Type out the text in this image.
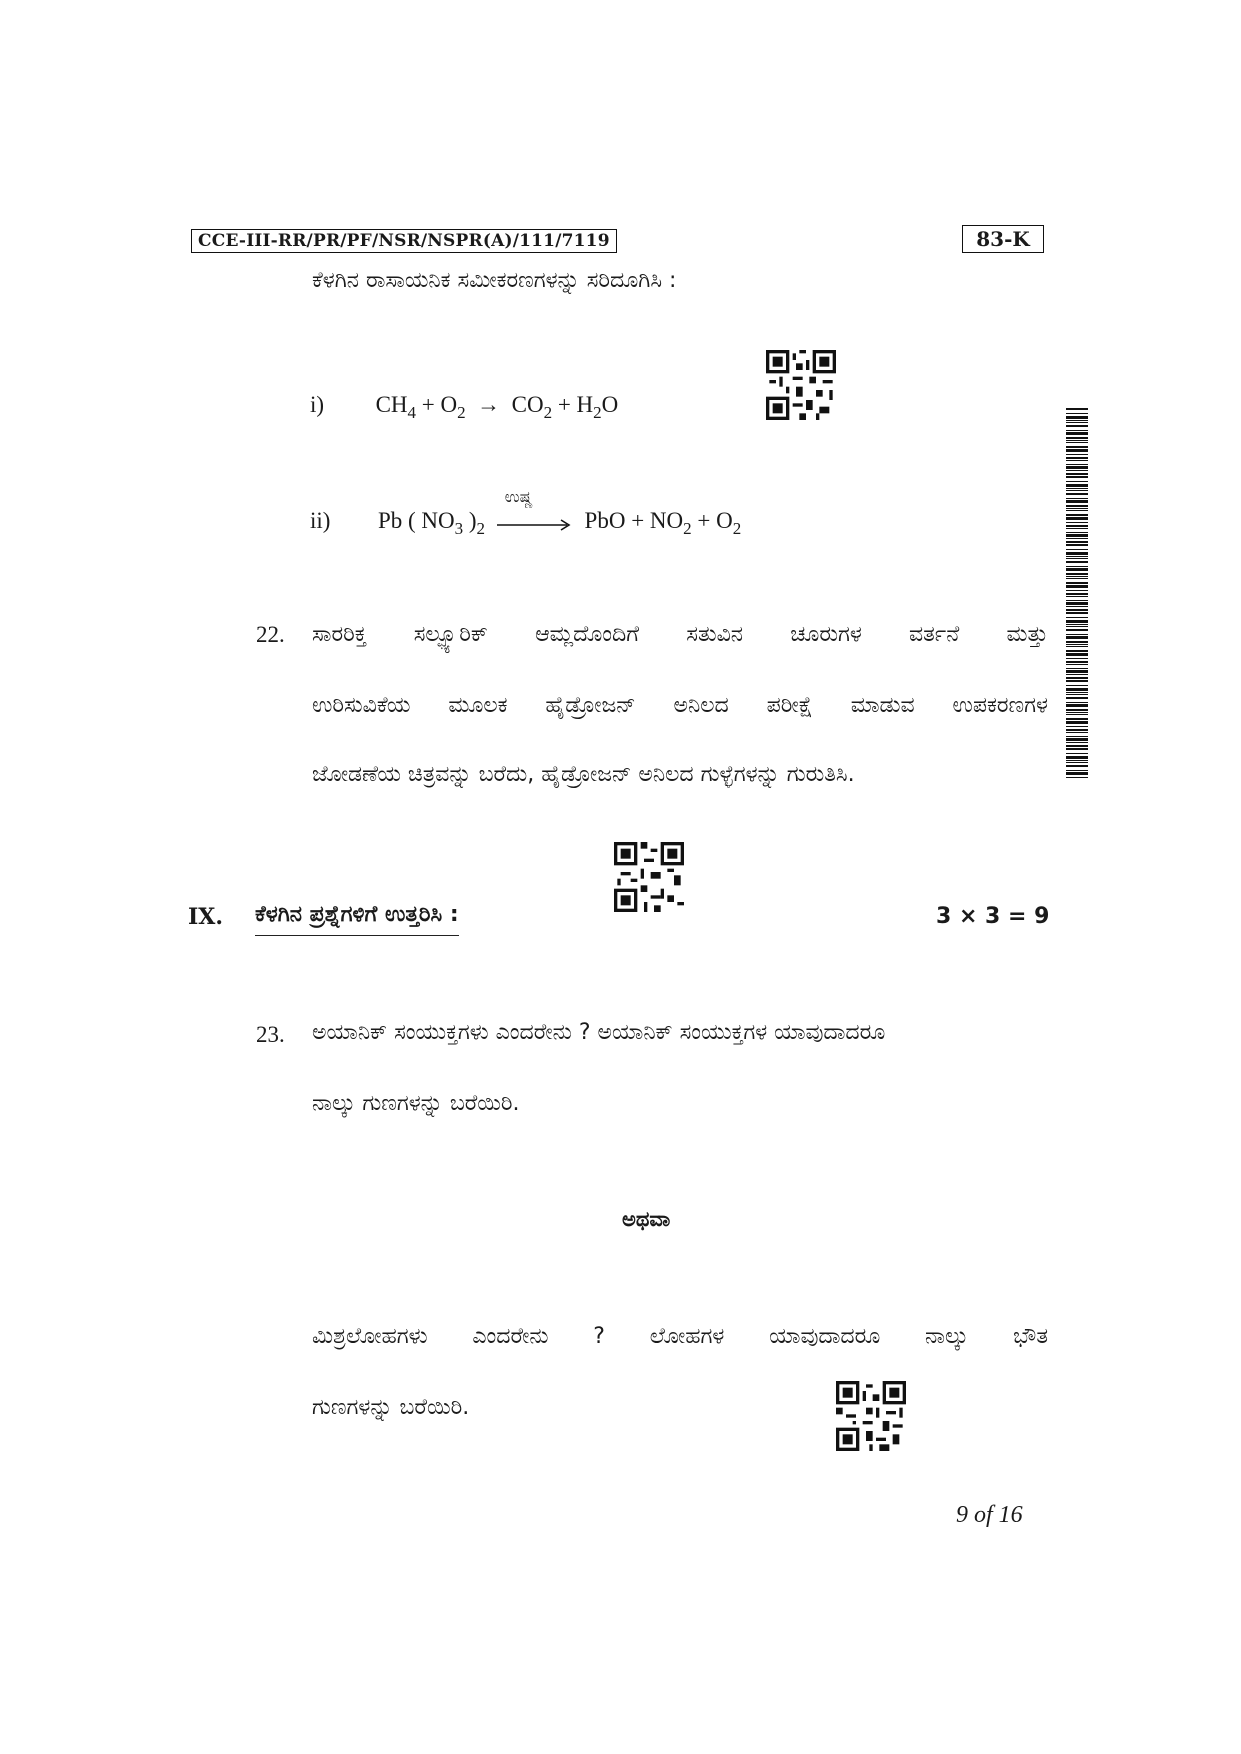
CCE-III-RR/PR/PF/NSR/NSPR(A)/111/7119	83-K
ಕೆಳಗಿನ ರಾಸಾಯನಿಕ ಸಮೀಕರಣಗಳನ್ನು ಸರಿದೂಗಿಸಿ :
i)  $CH_4 + O_2 \to CO_2 + H_2O$
ii)  Pb ( $NO_3$ )$_2$
ಉಷ್ಣ
PbO + $NO_2 + O_2$
22. ಸಾರರಿಕ್ತ ಸಲ್ಫ್ಯೂರಿಕ್ ಆಮ್ಲದೊಂದಿಗೆ ಸತುವಿನ ಚೂರುಗಳ ವರ್ತನೆ ಮತ್ತು
ಉರಿಸುವಿಕೆಯ ಮೂಲಕ ಹೈಡ್ರೋಜನ್ ಅನಿಲದ ಪರೀಕ್ಷೆ ಮಾಡುವ ಉಪಕರಣಗಳ
ಜೋಡಣೆಯ ಚಿತ್ರವನ್ನು ಬರೆದು, ಹೈಡ್ರೋಜನ್ ಅನಿಲದ ಗುಳ್ಳೆಗಳನ್ನು ಗುರುತಿಸಿ.
IX. ಕೆಳಗಿನ ಪ್ರಶ್ನೆಗಳಿಗೆ ಉತ್ತರಿಸಿ :	3 × 3 = 9
23. ಅಯಾನಿಕ್ ಸಂಯುಕ್ತಗಳು ಎಂದರೇನು ? ಅಯಾನಿಕ್ ಸಂಯುಕ್ತಗಳ ಯಾವುದಾದರೂ
ನಾಲ್ಕು ಗುಣಗಳನ್ನು ಬರೆಯಿರಿ.
ಅಥವಾ
ಮಿಶ್ರಲೋಹಗಳು ಎಂದರೇನು ? ಲೋಹಗಳ ಯಾವುದಾದರೂ ನಾಲ್ಕು ಭೌತ
ಗುಣಗಳನ್ನು ಬರೆಯಿರಿ.
9 of 16
